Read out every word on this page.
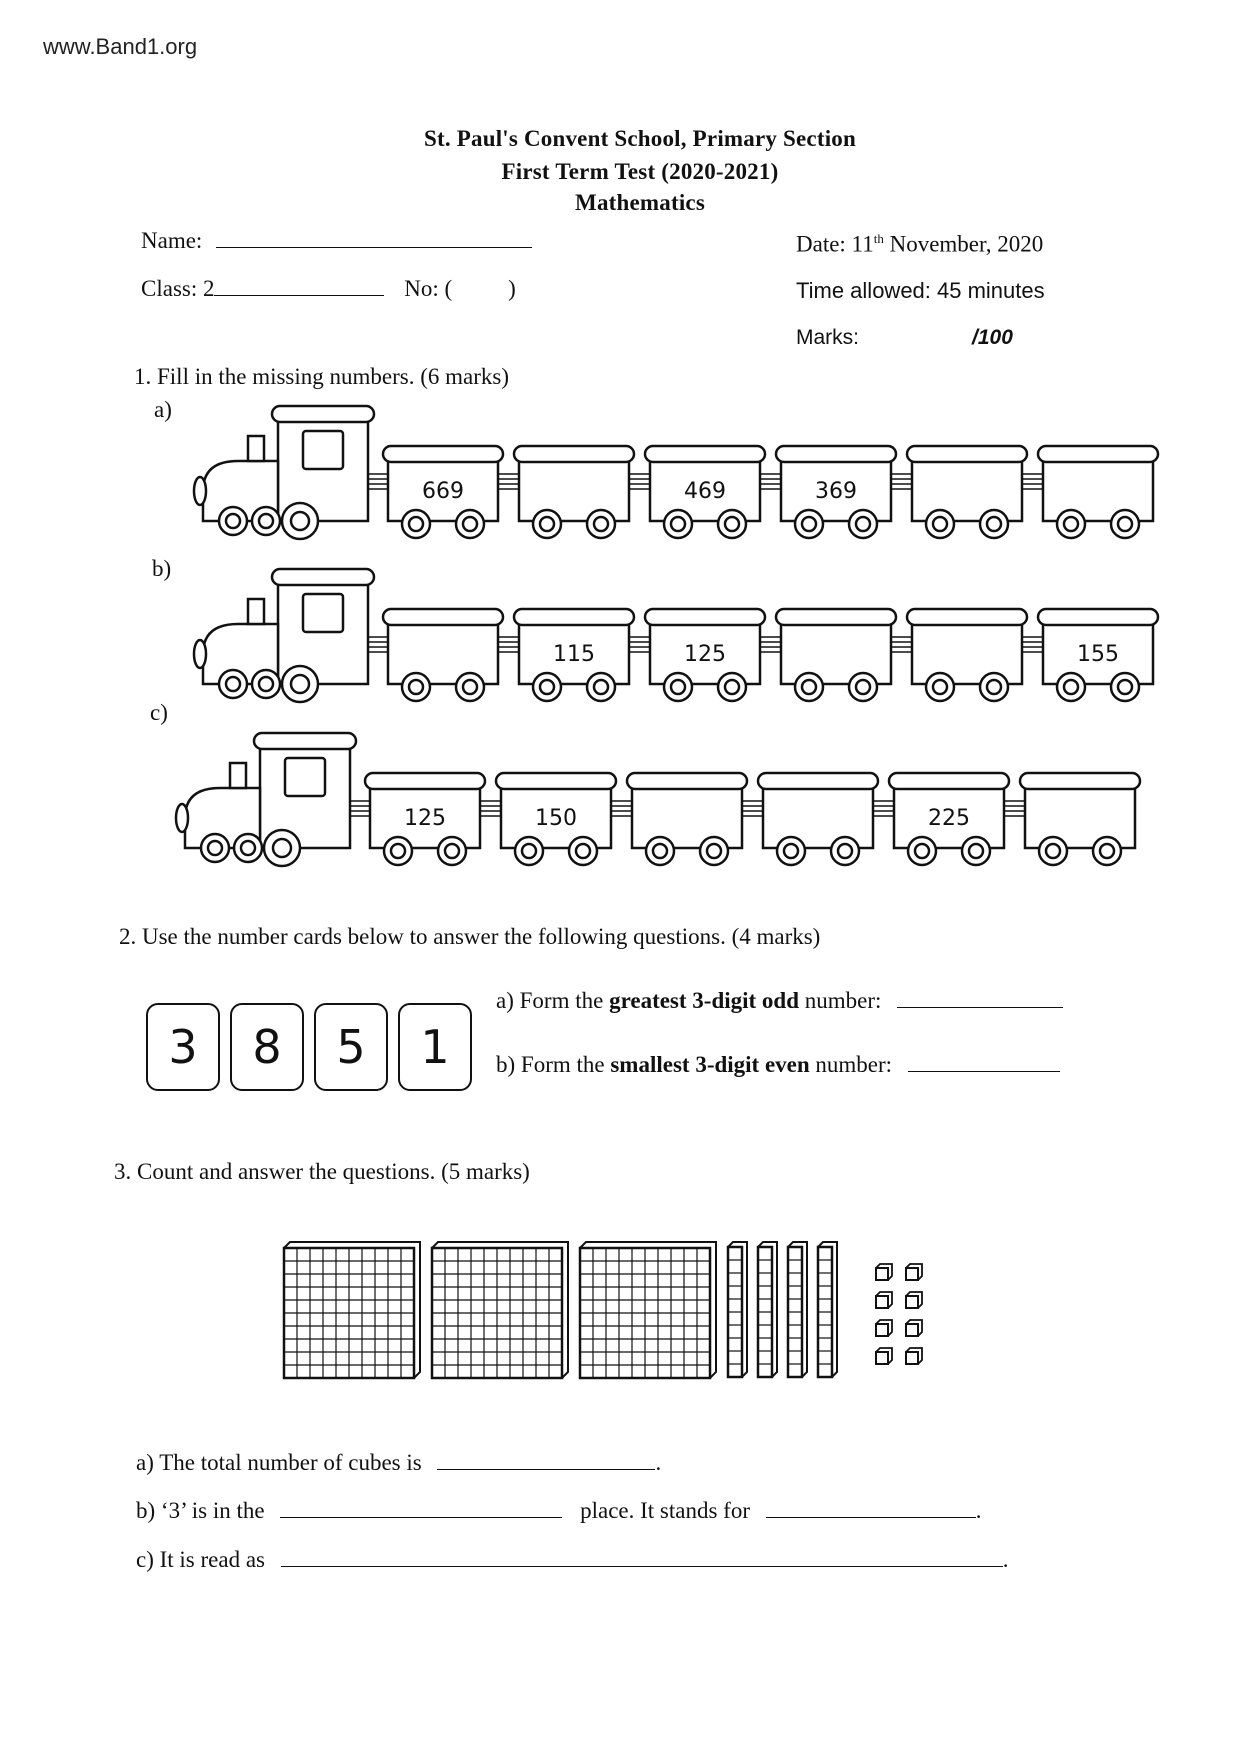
www.Band1.org
St. Paul's Convent School, Primary Section
First Term Test (2020-2021)
Mathematics
Name:
Class: 2	No: ( )
Date: 11th November, 2020
Time allowed: 45 minutes
Marks:	/100
1. Fill in the missing numbers. (6 marks)
a)
b)
c)
669	469	369
115	125	155
125	150	225
2. Use the number cards below to answer the following questions. (4 marks)
3	8	5	1
a) Form the greatest 3-digit odd number:
b) Form the smallest 3-digit even number:
3. Count and answer the questions. (5 marks)
a) The total number of cubes is	.
b) ‘3’ is in the	place. It stands for	.
c) It is read as	.
